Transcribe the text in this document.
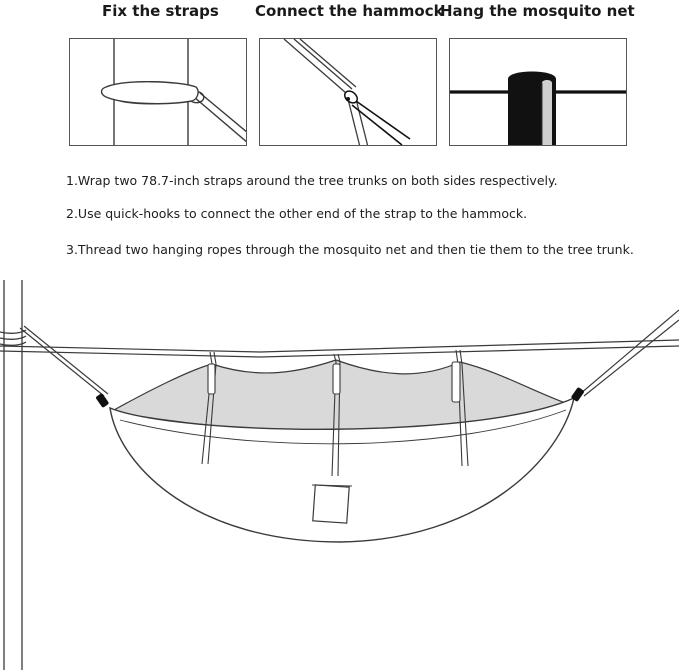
Fix the straps Connect the hammock
Hang the mosquito net
1.Wrap two 78.7-inch straps around the tree trunks on both sides respectively.
2.Use quick-hooks to connect the other end of the strap to the hammock.
3.Thread two hanging ropes through the mosquito net and then tie them to the tree trunk.
